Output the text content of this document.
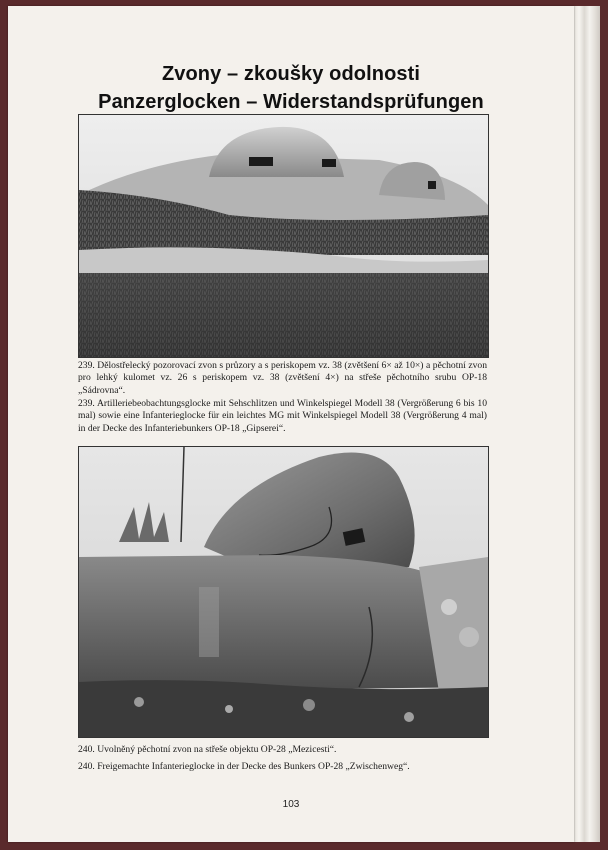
Zvony – zkoušky odolnosti
Panzerglocken – Widerstandsprüfungen
239. Dělostřelecký pozorovací zvon s průzory a s periskopem vz. 38 (zvětšení 6× až 10×) a pěchotní zvon pro lehký kulomet vz. 26 s periskopem vz. 38 (zvětšení 4×) na střeše pěchotního srubu OP-18 „Sádrovna“.
239. Artilleriebeobachtungsglocke mit Sehschlitzen und Winkelspiegel Modell 38 (Vergrößerung 6 bis 10 mal) sowie eine Infanterieglocke für ein leichtes MG mit Winkelspiegel Modell 38 (Vergrößerung 4 mal) in der Decke des Infanteriebunkers OP-18 „Gipserei“.
240. Uvolněný pěchotní zvon na střeše objektu OP-28 „Mezicesti“.
240. Freigemachte Infanterieglocke in der Decke des Bunkers OP-28 „Zwischenweg“.
103
